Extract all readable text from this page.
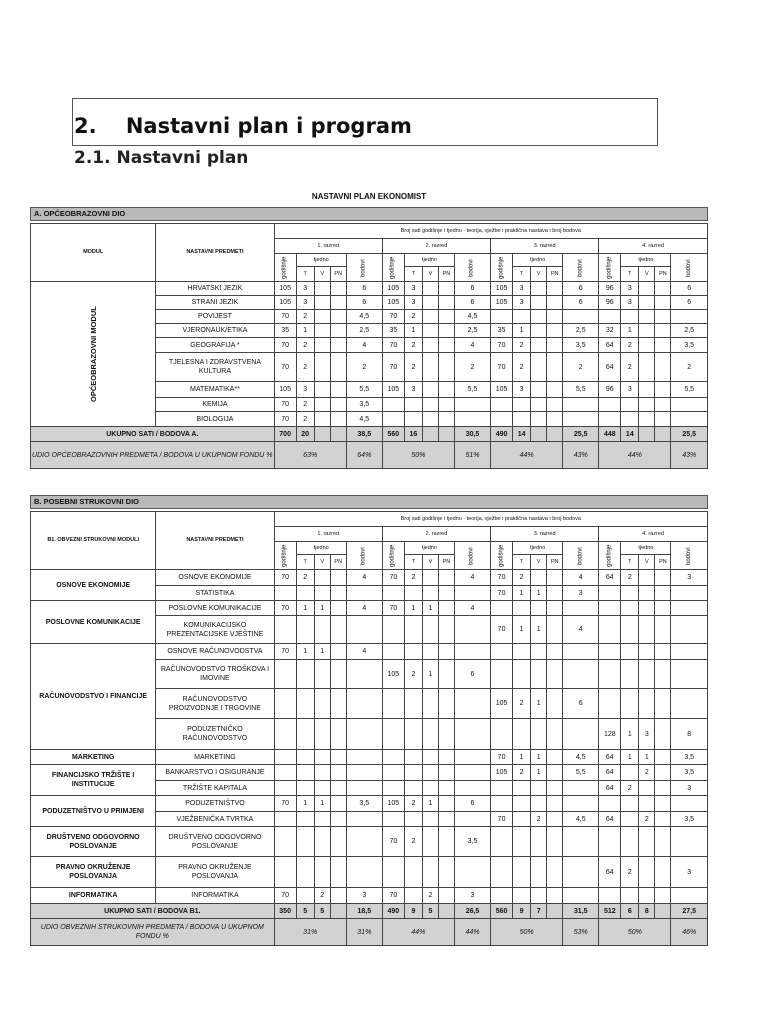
2. Nastavni plan i program
2.1. Nastavni plan
NASTAVNI PLAN EKONOMIST
A. OPĆEOBRAZOVNI DIO
MODUL	NASTAVNI PREDMETI	Broj sati godišnje i tjedno - teorija, vježbe i praktična nastava i broj bodova																			
		1. razred					2. razred					3. razred					4. razred				
		godišnje	tjedno			bodovi	godišnje	tjedno			bodovi	godišnje	tjedno			bodovi	godišnje	tjedno			bodovi
			T	V	PN			T	V	PN			T	V	PN			T	V	PN	
OPĆEOBRAZOVNI MODUL	HRVATSKI JEZIK	105	3			6	105	3			6	105	3			6	96	3			6
	STRANI JEZIK	105	3			6	105	3			6	105	3			6	96	3			6
	POVIJEST	70	2			4,5	70	2			4,5										
	VJERONAUK/ETIKA	35	1			2,5	35	1			2,5	35	1			2,5	32	1			2,5
	GEOGRAFIJA *	70	2			4	70	2			4	70	2			3,5	64	2			3,5
	TJELESNA I ZDRAVSTVENA KULTURA	70	2			2	70	2			2	70	2			2	64	2			2
	MATEMATIKA**	105	3			5,5	105	3			5,5	105	3			5,5	96	3			5,5
	KEMIJA	70	2			3,5															
	BIOLOGIJA	70	2			4,5															
UKUPNO SATI / BODOVA A.		700	20			38,5	560	16			30,5	490	14			25,5	448	14			25,5
UDIO OPĆEOBRAZOVNIH PREDMETA / BODOVA U UKUPNOM FONDU %		63%				64%	50%				51%	44%				43%	44%				43%
B. POSEBNI STRUKOVNI DIO
B1. OBVEZNI STRUKOVNI MODULI	NASTAVNI PREDMETI	Broj sati godišnje i tjedno - teorija, vježbe i praktična nastava i broj bodova																			
		1. razred					2. razred					3. razred					4. razred				
		godišnje	tjedno			bodovi	godišnje	tjedno			bodovi	godišnje	tjedno			bodovi	godišnje	tjedno			bodovi
			T	V	PN			T	V	PN			T	V	PN			T	V	PN	
OSNOVE EKONOMIJE	OSNOVE EKONOMIJE	70	2			4	70	2			4	70	2			4	64	2			3
	STATISTIKA											70	1	1		3					
POSLOVNE KOMUNIKACIJE	POSLOVNE KOMUNIKACIJE	70	1	1		4	70	1	1		4										
	KOMUNIKACIJSKO PREZENTACIJSKE VJEŠTINE											70	1	1		4					
RAČUNOVODSTVO I FINANCIJE	OSNOVE RAČUNOVODSTVA	70	1	1		4															
	RAČUNOVODSTVO TROŠKOVA I IMOVINE						105	2	1		6										
	RAČUNOVODSTVO PROIZVODNJE I TRGOVINE											105	2	1		6					
	PODUZETNIČKO RAČUNOVODSTVO																128	1	3		8
MARKETING	MARKETING											70	1	1		4,5	64	1	1		3,5
FINANCIJSKO TRŽIŠTE I INSTITUCIJE	BANKARSTVO I OSIGURANJE											105	2	1		5,5	64		2		3,5
	TRŽIŠTE KAPITALA																64	2			3
PODUZETNIŠTVO U PRIMJENI	PODUZETNIŠTVO	70	1	1		3,5	105	2	1		6										
	VJEŽBENIČKA TVRTKA											70		2		4,5	64		2		3,5
DRUŠTVENO ODGOVORNO POSLOVANJE	DRUŠTVENO ODGOVORNO POSLOVANJE						70	2			3,5										
PRAVNO OKRUŽENJE POSLOVANJA	PRAVNO OKRUŽENJE POSLOVANJA																64	2			3
INFORMATIKA	INFORMATIKA	70		2		3	70		2		3										
UKUPNO SATI / BODOVA B1.		350	5	5		18,5	490	9	5		26,5	560	9	7		31,5	512	6	8		27,5
UDIO OBVEZNIH STRUKOVNIH PREDMETA / BODOVA U UKUPNOM FONDU %		31%				31%	44%				44%	50%				53%	50%				46%
